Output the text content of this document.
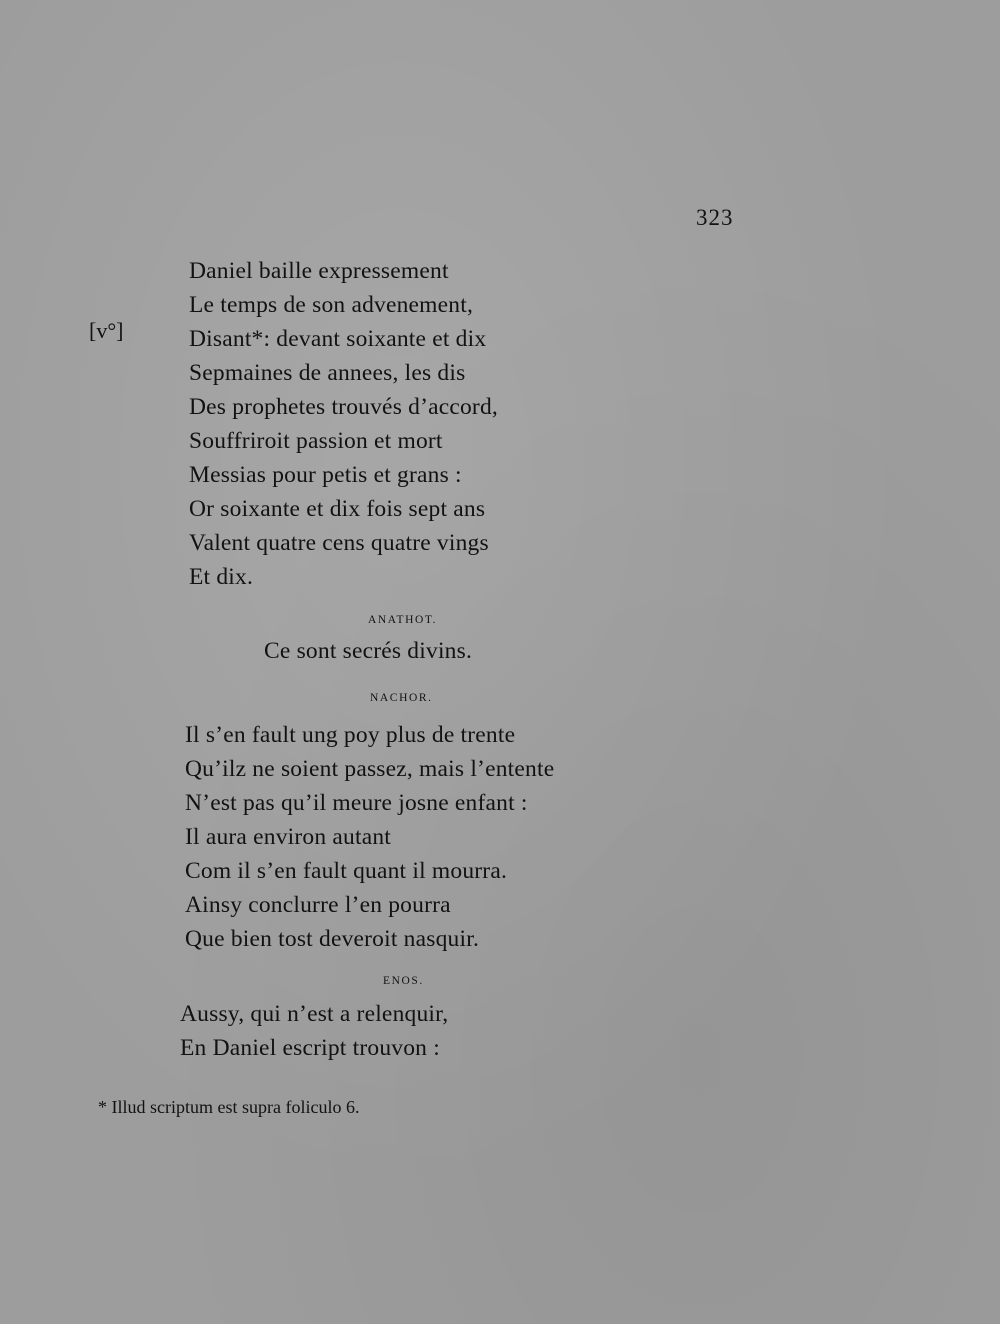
323
[v°]
Daniel baille expressement
Le temps de son advenement,
Disant*: devant soixante et dix
Sepmaines de annees, les dis
Des prophetes trouvés d’accord,
Souffriroit passion et mort
Messias pour petis et grans :
Or soixante et dix fois sept ans
Valent quatre cens quatre vings
Et dix.
ANATHOT.
Ce sont secrés divins.
NACHOR.
Il s’en fault ung poy plus de trente
Qu’ilz ne soient passez, mais l’entente
N’est pas qu’il meure josne enfant :
Il aura environ autant
Com il s’en fault quant il mourra.
Ainsy conclurre l’en pourra
Que bien tost deveroit nasquir.
ENOS.
Aussy, qui n’est a relenquir,
En Daniel escript trouvon :
* Illud scriptum est supra foliculo 6.
